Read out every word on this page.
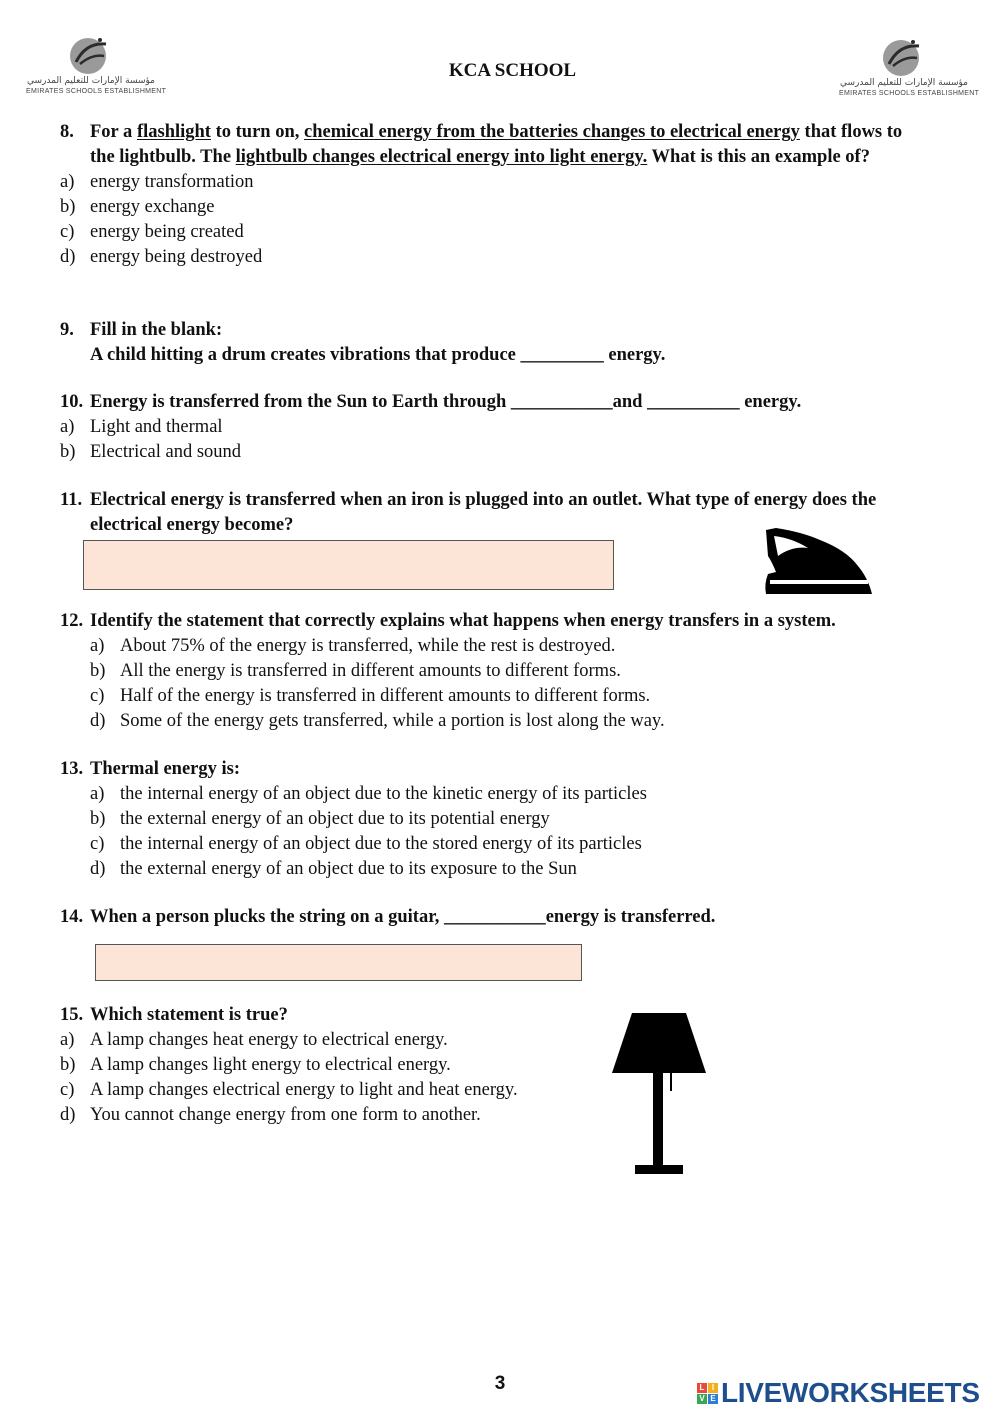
مؤسسة الإمارات للتعليم المدرسي
EMIRATES SCHOOLS ESTABLISHMENT
KCA SCHOOL
مؤسسة الإمارات للتعليم المدرسي
EMIRATES SCHOOLS ESTABLISHMENT
8. For a flashlight to turn on, chemical energy from the batteries changes to electrical energy that flows to the lightbulb. The lightbulb changes electrical energy into light energy. What is this an example of?
a) energy transformation
b) energy exchange
c) energy being created
d) energy being destroyed
9. Fill in the blank:
A child hitting a drum creates vibrations that produce _________ energy.
10. Energy is transferred from the Sun to Earth through ___________and __________ energy.
a) Light and thermal
b) Electrical and sound
11. Electrical energy is transferred when an iron is plugged into an outlet. What type of energy does the electrical energy become?
12. Identify the statement that correctly explains what happens when energy transfers in a system.
a) About 75% of the energy is transferred, while the rest is destroyed.
b) All the energy is transferred in different amounts to different forms.
c) Half of the energy is transferred in different amounts to different forms.
d) Some of the energy gets transferred, while a portion is lost along the way.
13. Thermal energy is:
a) the internal energy of an object due to the kinetic energy of its particles
b) the external energy of an object due to its potential energy
c) the internal energy of an object due to the stored energy of its particles
d) the external energy of an object due to its exposure to the Sun
14. When a person plucks the string on a guitar, ___________energy is transferred.
15. Which statement is true?
a) A lamp changes heat energy to electrical energy.
b) A lamp changes light energy to electrical energy.
c) A lamp changes electrical energy to light and heat energy.
d) You cannot change energy from one form to another.
3	L I
V E LIVEWORKSHEETS
